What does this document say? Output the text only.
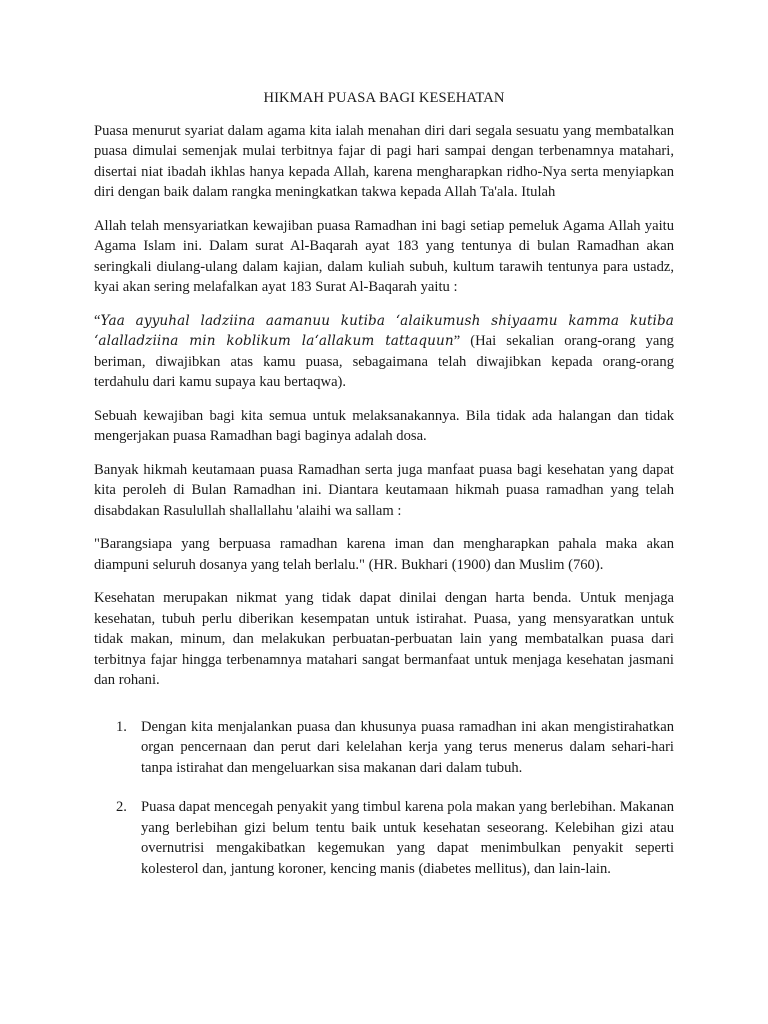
HIKMAH PUASA BAGI KESEHATAN

Puasa menurut syariat dalam agama kita ialah menahan diri dari segala sesuatu yang membatalkan puasa dimulai semenjak mulai terbitnya fajar di pagi hari sampai dengan terbenamnya matahari, disertai niat ibadah ikhlas hanya kepada Allah, karena mengharapkan ridho-Nya serta menyiapkan diri dengan baik dalam rangka meningkatkan takwa kepada Allah Ta'ala. Itulah

Allah telah mensyariatkan kewajiban puasa Ramadhan ini bagi setiap pemeluk Agama Allah yaitu Agama Islam ini. Dalam surat Al-Baqarah ayat 183 yang tentunya di bulan Ramadhan akan seringkali diulang-ulang dalam kajian, dalam kuliah subuh, kultum tarawih tentunya para ustadz, kyai akan sering melafalkan ayat 183 Surat Al-Baqarah yaitu :

“Yaa ayyuhal ladziina aamanuu kutiba ‘alaikumush shiyaamu kamma kutiba ‘alalladziina min koblikum la‘allakum tattaquun” (Hai sekalian orang-orang yang beriman, diwajibkan atas kamu puasa, sebagaimana telah diwajibkan kepada orang-orang terdahulu dari kamu supaya kau bertaqwa).

Sebuah kewajiban bagi kita semua untuk melaksanakannya. Bila tidak ada halangan dan tidak mengerjakan puasa Ramadhan bagi baginya adalah dosa.

Banyak hikmah keutamaan puasa Ramadhan serta juga manfaat puasa bagi kesehatan yang dapat kita peroleh di Bulan Ramadhan ini. Diantara keutamaan hikmah puasa ramadhan yang telah disabdakan Rasulullah shallallahu 'alaihi wa sallam :

"Barangsiapa yang berpuasa ramadhan karena iman dan mengharapkan pahala maka akan diampuni seluruh dosanya yang telah berlalu." (HR. Bukhari (1900) dan Muslim (760).

Kesehatan merupakan nikmat yang tidak dapat dinilai dengan harta benda. Untuk menjaga kesehatan, tubuh perlu diberikan kesempatan untuk istirahat. Puasa, yang mensyaratkan untuk tidak makan, minum, dan melakukan perbuatan-perbuatan lain yang membatalkan puasa dari terbitnya fajar hingga terbenamnya matahari sangat bermanfaat untuk menjaga kesehatan jasmani dan rohani.

1. Dengan kita menjalankan puasa dan khusunya puasa ramadhan ini akan mengistirahatkan organ pencernaan dan perut dari kelelahan kerja yang terus menerus dalam sehari-hari tanpa istirahat dan mengeluarkan sisa makanan dari dalam tubuh.
2. Puasa dapat mencegah penyakit yang timbul karena pola makan yang berlebihan. Makanan yang berlebihan gizi belum tentu baik untuk kesehatan seseorang. Kelebihan gizi atau overnutrisi mengakibatkan kegemukan yang dapat menimbulkan penyakit seperti kolesterol dan, jantung koroner, kencing manis (diabetes mellitus), dan lain-lain.
